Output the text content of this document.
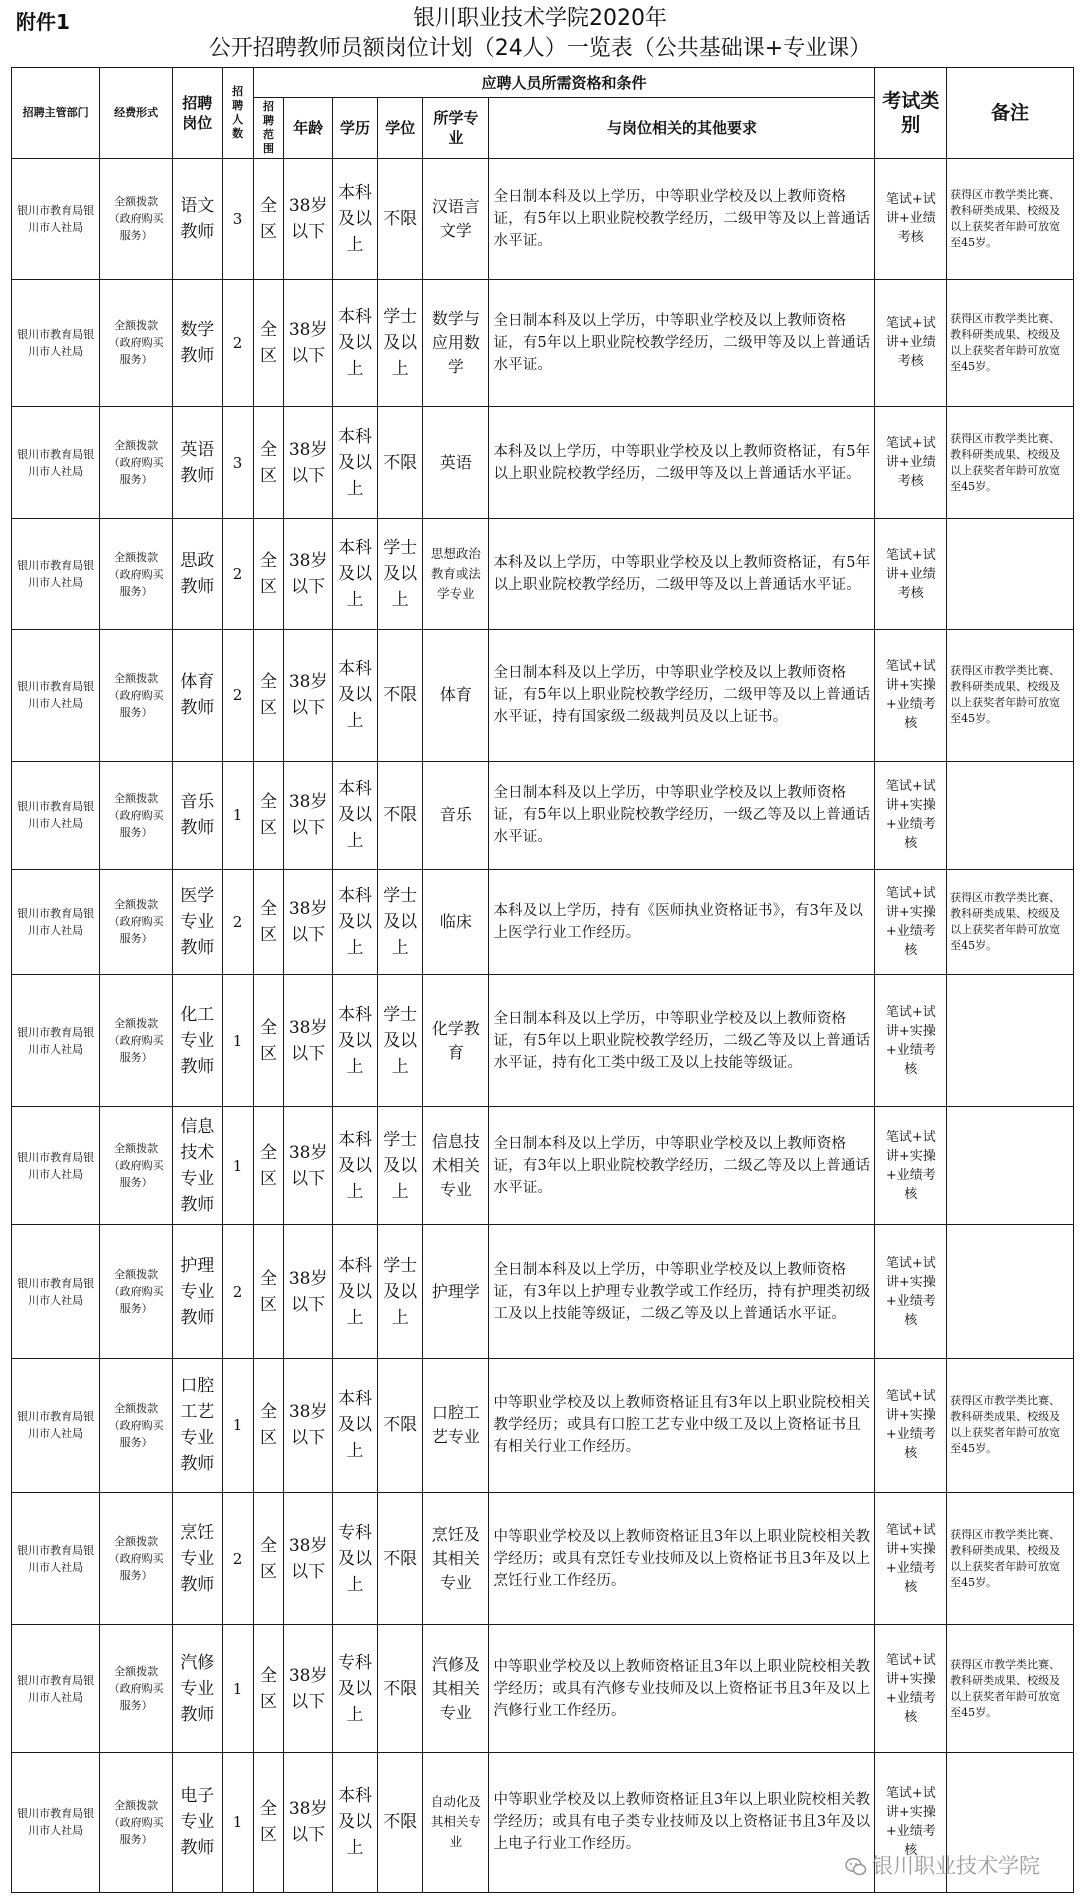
附件1	银川职业技术学院2020年
公开招聘教师员额岗位计划（24人）一览表（公共基础课+专业课）
招聘主管部门	经费形式	招聘岗位	招聘人数	应聘人员所需资格和条件						考试类别	备注
				招聘范围	年龄	学历	学位	所学专业	与岗位相关的其他要求		
银川市教育局银川市人社局	全额拨款（政府购买服务）	语文教师	3	全区	38岁以下	本科及以上	不限	汉语言文学	全日制本科及以上学历，中等职业学校及以上教师资格证，有5年以上职业院校教学经历，二级甲等及以上普通话水平证。	笔试+试讲+业绩考核	获得区市教学类比赛、教科研类成果、校级及以上获奖者年龄可放宽至45岁。
银川市教育局银川市人社局	全额拨款（政府购买服务）	数学教师	2	全区	38岁以下	本科及以上	学士及以上	数学与应用数学	全日制本科及以上学历，中等职业学校及以上教师资格证，有5年以上职业院校教学经历，二级甲等及以上普通话水平证。	笔试+试讲+业绩考核	获得区市教学类比赛、教科研类成果、校级及以上获奖者年龄可放宽至45岁。
银川市教育局银川市人社局	全额拨款（政府购买服务）	英语教师	3	全区	38岁以下	本科及以上	不限	英语	本科及以上学历，中等职业学校及以上教师资格证，有5年以上职业院校教学经历，二级甲等及以上普通话水平证。	笔试+试讲+业绩考核	获得区市教学类比赛、教科研类成果、校级及以上获奖者年龄可放宽至45岁。
银川市教育局银川市人社局	全额拨款（政府购买服务）	思政教师	2	全区	38岁以下	本科及以上	学士及以上	思想政治教育或法学专业	本科及以上学历，中等职业学校及以上教师资格证，有5年以上职业院校教学经历，二级甲等及以上普通话水平证。	笔试+试讲+业绩考核	
银川市教育局银川市人社局	全额拨款（政府购买服务）	体育教师	2	全区	38岁以下	本科及以上	不限	体育	全日制本科及以上学历，中等职业学校及以上教师资格证，有5年以上职业院校教学经历，二级甲等及以上普通话水平证，持有国家级二级裁判员及以上证书。	笔试+试讲+实操+业绩考核	获得区市教学类比赛、教科研类成果、校级及以上获奖者年龄可放宽至45岁。
银川市教育局银川市人社局	全额拨款（政府购买服务）	音乐教师	1	全区	38岁以下	本科及以上	不限	音乐	全日制本科及以上学历，中等职业学校及以上教师资格证，有5年以上职业院校教学经历，一级乙等及以上普通话水平证。	笔试+试讲+实操+业绩考核	
银川市教育局银川市人社局	全额拨款（政府购买服务）	医学专业教师	2	全区	38岁以下	本科及以上	学士及以上	临床	本科及以上学历，持有《医师执业资格证书》，有3年及以上医学行业工作经历。	笔试+试讲+实操+业绩考核	获得区市教学类比赛、教科研类成果、校级及以上获奖者年龄可放宽至45岁。
银川市教育局银川市人社局	全额拨款（政府购买服务）	化工专业教师	1	全区	38岁以下	本科及以上	学士及以上	化学教育	全日制本科及以上学历，中等职业学校及以上教师资格证，有5年以上职业院校教学经历，二级乙等及以上普通话水平证，持有化工类中级工及以上技能等级证。	笔试+试讲+实操+业绩考核	
银川市教育局银川市人社局	全额拨款（政府购买服务）	信息技术专业教师	1	全区	38岁以下	本科及以上	学士及以上	信息技术相关专业	全日制本科及以上学历，中等职业学校及以上教师资格证，有3年以上职业院校教学经历，二级乙等及以上普通话水平证。	笔试+试讲+实操+业绩考核	
银川市教育局银川市人社局	全额拨款（政府购买服务）	护理专业教师	2	全区	38岁以下	本科及以上	学士及以上	护理学	全日制本科及以上学历，中等职业学校及以上教师资格证，有3年以上护理专业教学或工作经历，持有护理类初级工及以上技能等级证，二级乙等及以上普通话水平证。	笔试+试讲+实操+业绩考核	
银川市教育局银川市人社局	全额拨款（政府购买服务）	口腔工艺专业教师	1	全区	38岁以下	本科及以上	不限	口腔工艺专业	中等职业学校及以上教师资格证且有3年以上职业院校相关教学经历；或具有口腔工艺专业中级工及以上资格证书且有相关行业工作经历。	笔试+试讲+实操+业绩考核	获得区市教学类比赛、教科研类成果、校级及以上获奖者年龄可放宽至45岁。
银川市教育局银川市人社局	全额拨款（政府购买服务）	烹饪专业教师	2	全区	38岁以下	专科及以上	不限	烹饪及其相关专业	中等职业学校及以上教师资格证且3年以上职业院校相关教学经历；或具有烹饪专业技师及以上资格证书且3年及以上烹饪行业工作经历。	笔试+试讲+实操+业绩考核	获得区市教学类比赛、教科研类成果、校级及以上获奖者年龄可放宽至45岁。
银川市教育局银川市人社局	全额拨款（政府购买服务）	汽修专业教师	1	全区	38岁以下	专科及以上	不限	汽修及其相关专业	中等职业学校及以上教师资格证且3年以上职业院校相关教学经历；或具有汽修专业技师及以上资格证书且3年及以上汽修行业工作经历。	笔试+试讲+实操+业绩考核	获得区市教学类比赛、教科研类成果、校级及以上获奖者年龄可放宽至45岁。
银川市教育局银川市人社局	全额拨款（政府购买服务）	电子专业教师	1	全区	38岁以下	本科及以上	不限	自动化及其相关专业	中等职业学校及以上教师资格证且3年以上职业院校相关教学经历；或具有电子类专业技师及以上资格证书且3年及以上电子行业工作经历。	笔试+试讲+实操+业绩考核	
银川职业技术学院
